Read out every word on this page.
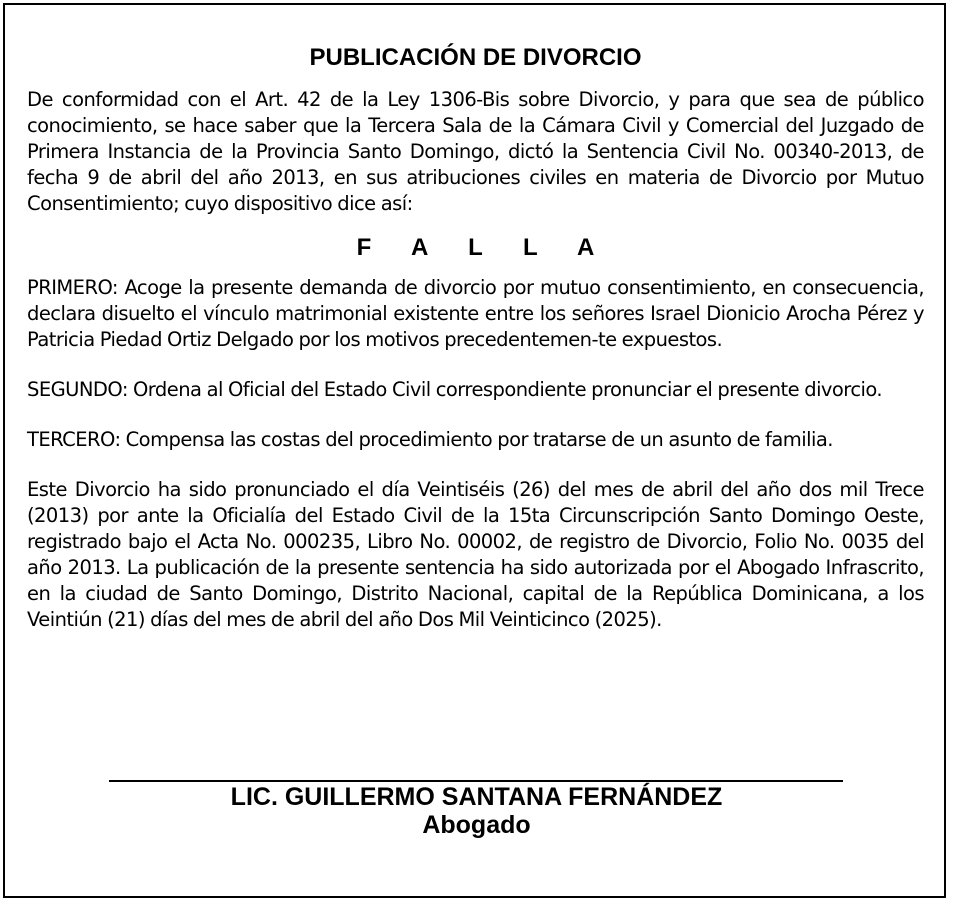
PUBLICACIÓN DE DIVORCIO

De conformidad con el Art. 42 de la Ley 1306-Bis sobre Divorcio, y para que sea de público conocimiento, se hace saber que la Tercera Sala de la Cámara Civil y Comercial del Juzgado de Primera Instancia de la Provincia Santo Domingo, dictó la Sentencia Civil No. 00340-2013, de fecha 9 de abril del año 2013, en sus atribuciones civiles en materia de Divorcio por Mutuo Consentimiento; cuyo dispositivo dice así:

F A L L A

PRIMERO: Acoge la presente demanda de divorcio por mutuo consentimiento, en consecuencia, declara disuelto el vínculo matrimonial existente entre los señores Israel Dionicio Arocha Pérez y Patricia Piedad Ortiz Delgado por los motivos precedentemen-te expuestos.

SEGUNDO: Ordena al Oficial del Estado Civil correspondiente pronunciar el presente divorcio.

TERCERO: Compensa las costas del procedimiento por tratarse de un asunto de familia.

Este Divorcio ha sido pronunciado el día Veintiséis (26) del mes de abril del año dos mil Trece (2013) por ante la Oficialía del Estado Civil de la 15ta Circunscripción Santo Domingo Oeste, registrado bajo el Acta No. 000235, Libro No. 00002, de registro de Divorcio, Folio No. 0035 del año 2013. La publicación de la presente sentencia ha sido autorizada por el Abogado Infrascrito, en la ciudad de Santo Domingo, Distrito Nacional, capital de la República Dominicana, a los Veintiún (21) días del mes de abril del año Dos Mil Veinticinco (2025).

LIC. GUILLERMO SANTANA FERNÁNDEZ
Abogado
